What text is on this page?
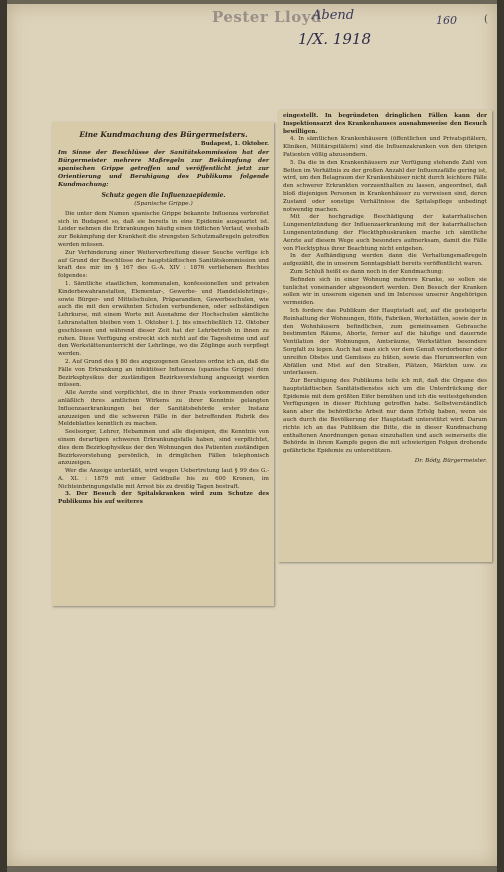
Pester Lloyd
Abend
1/X. 1918
160	(

Eine Kundmachung des Bürgermeisters.

Budapest, 1. Oktober.

Im Sinne der Beschlüsse der Sanitätskommission hat der Bürgermeister mehrere Maßregeln zur Bekämpfung der spanischen Grippe getroffen und veröffentlicht jetzt zur Orientierung und Beruhigung des Publikums folgende Kundmachung:

Schutz gegen die Influenzaepidemie.

(Spanische Grippe.)

Die unter dem Namen spanische Grippe bekannte Influenza verbreitet sich in Budapest so, daß sie bereits in eine Epidemie ausgeartet ist. Leider nehmen die Erkrankungen häufig einen tödlichen Verlauf, weshalb zur Bekämpfung der Krankheit die strengsten Schutzmaßregeln getroffen werden müssen.

Zur Verhinderung einer Weiterverbreitung dieser Seuche verfüge ich auf Grund der Beschlüsse der hauptstädtischen Sanitätskommission und kraft des mir im § 167 des G.-A. XIV : 1876 verliehenen Rechtes folgendes:

1. Sämtliche staatlichen, kommunalen, konfessionellen und privaten Kinderbewahranstalten, Elementar-, Gewerbe- und Handelslehrlings-, sowie Bürger- und Mittelschulen, Präparandien, Gewerbeschulen, wie auch die mit den erwähnten Schulen verbundenen, oder selbständigen Lehrkurse, mit einem Worte mit Ausnahme der Hochschulen sämtliche Lehranstalten bleiben vom 1. Oktober l. J. bis einschließlich 12. Oktober geschlossen und während dieser Zeit hat der Lehrbetrieb in ihnen zu ruhen. Diese Verfügung erstreckt sich nicht auf die Tagesheime und auf den Werkstättenunterricht der Lehrlinge, wo die Zöglinge auch verpflegt werden.

2. Auf Grund des § 80 des angezogenen Gesetzes ordne ich an, daß die Fälle von Erkrankung an infektiöser Influenza (spanische Grippe) dem Bezirksphysikus der zuständigen Bezirksvorstehung angezeigt werden müssen.

Alle Aerzte sind verpflichtet, die in ihrer Praxis vorkommenden oder anläßlich ihres amtlichen Wirkens zu ihrer Kenntnis gelangten Influenzaerkrankungen bei der Sanitätsbehörde erster Instanz anzuzeigen und die schweren Fälle in der betreffenden Rubrik des Meldeblattes kenntlich zu machen.

Seelsorger, Lehrer, Hebammen und alle diejenigen, die Kenntnis von einem derartigen schweren Erkrankungsfalle haben, sind verpflichtet, dies dem Bezirksphysikus der den Wohnungen des Patienten zuständigen Bezirksvorstehung persönlich, in dringlichen Fällen telephonisch anzuzeigen.

Wer die Anzeige unterläßt, wird wegen Uebertretung laut § 99 des G.-A. XL : 1879 mit einer Geldbuße bis zu 600 Kronen, im Nichteinbringungsfalle mit Arrest bis zu dreißig Tagen bestraft.

3. Der Besuch der Spitalskranken wird zum Schutze des Publikums bis auf weiteres

eingestellt. In begründeten dringlichen Fällen kann der Inspektionsarzt des Krankenhauses ausnahmsweise den Besuch bewilligen.

4. In sämtlichen Krankenhäusern (öffentlichen und Privatspitälern, Kliniken, Militärspitälern) sind die Influenzakranken von den übrigen Patienten völlig abzusondern.

5. Da die in den Krankenhäusern zur Verfügung stehende Zahl von Betten im Verhältnis zu der großen Anzahl der Influenzafälle gering ist, wird, um den Belagraum der Krankenhäuser nicht durch leichtere Fälle den schwerer Erkrankten vorzuenthalten zu lassen, angeordnet, daß bloß diejenigen Personen in Krankenhäuser zu verweisen sind, deren Zustand oder sonstige Verhältnisse die Spitalspflege unbedingt notwendig machen.

Mit der hochgradige Beschädigung der katarrhalischen Lungenentzündung der Influenzaerkrankung mit der katarrhalischen Lungenentzündung der Fleckthphuskranken mache ich sämtliche Aerzte auf diesem Wege auch besonders aufmerksam, damit die Fälle von Flecktyphus ihrer Beachtung nicht entgehen.

In der Aufhändigung werden dann die Verhaltungsmaßregeln aufgezählt, die in unserem Sonntagsblatt bereits veröffentlicht waren.

Zum Schluß heißt es dann noch in der Kundmachung:

Befinden sich in einer Wohnung mehrere Kranke, so sollen sie tunlichst voneinander abgesondert werden. Den Besuch der Kranken sollen wir in unserem eigenen und im Interesse unserer Angehörigen vermeiden.

Ich fordere das Publikum der Hauptstadt auf, auf die gesteigerte Reinhaltung der Wohnungen, Höfe, Fabriken, Werkstätten, sowie der in den Wohnhäusern befindlichen, zum gemeinsamen Gebrauche bestimmten Räume, Aborte, ferner auf die häufige und dauernde Ventilation der Wohnungen, Amtsräume, Werkstätten besondere Sorgfalt zu legen. Auch hat man sich vor dem Genuß verdorbener oder unreifen Obstes und Gemüses zu hüten, sowie das Herumwerfen von Abfällen und Mist auf den Straßen, Plätzen, Märkten usw. zu unterlassen.

Zur Beruhigung des Publikums teile ich mit, daß die Organe des hauptstädtischen Sanitätsdienstes sich um die Unterdrückung der Epidemie mit dem größten Eifer bemühen und ich die weitestgehenden Verfügungen in dieser Richtung getroffen habe. Selbstverständlich kann aber die behördliche Arbeit nur dann Erfolg haben, wenn sie auch durch die Bevölkerung der Hauptstadt unterstützt wird. Darum richte ich an das Publikum die Bitte, die in dieser Kundmachung enthaltenen Anordnungen genau einzuhalten und auch seinerseits die Behörde in ihrem Kampfe gegen die mit schwierigen Folgen drohende gefährliche Epidemie zu unterstützen.

Dr. Bódy, Bürgermeister.
